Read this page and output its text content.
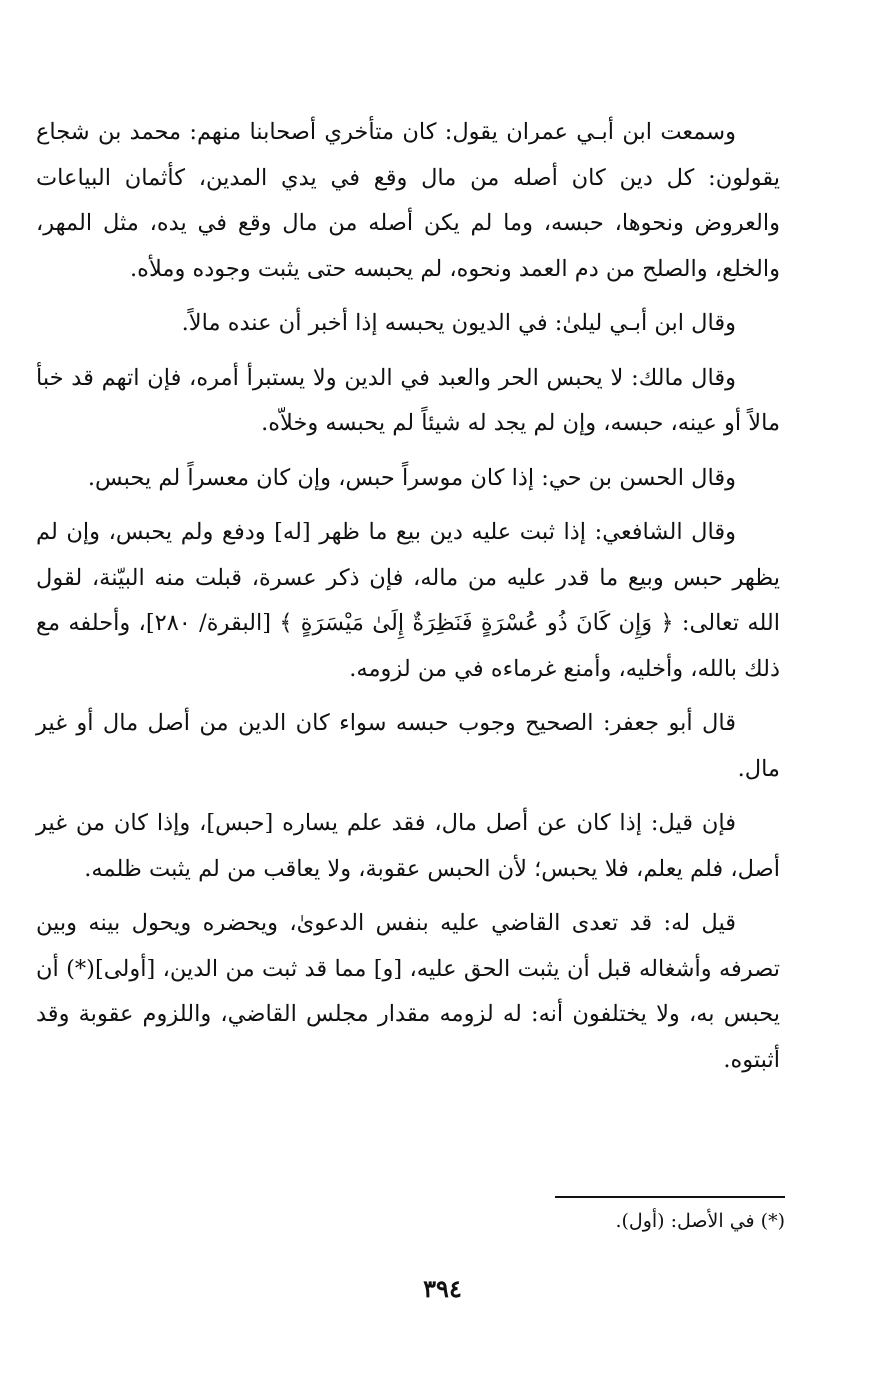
وسمعت ابن أبـي عمران يقول: كان متأخري أصحابنا منهم: محمد بن شجاع يقولون: كل دين كان أصله من مال وقع في يدي المدين، كأثمان البياعات والعروض ونحوها، حبسه، وما لم يكن أصله من مال وقع في يده، مثل المهر، والخلع، والصلح من دم العمد ونحوه، لم يحبسه حتى يثبت وجوده وملأه.

وقال ابن أبـي ليلىٰ: في الديون يحبسه إذا أخبر أن عنده مالاً.

وقال مالك: لا يحبس الحر والعبد في الدين ولا يستبرأ أمره، فإن اتهم قد خبأ مالاً أو عينه، حبسه، وإن لم يجد له شيئاً لم يحبسه وخلاّه.

وقال الحسن بن حي: إذا كان موسراً حبس، وإن كان معسراً لم يحبس.

وقال الشافعي: إذا ثبت عليه دين بيع ما ظهر [له] ودفع ولم يحبس، وإن لم يظهر حبس وبيع ما قدر عليه من ماله، فإن ذكر عسرة، قبلت منه البيّنة، لقول الله تعالى: ﴿ وَإِن كَانَ ذُو عُسْرَةٍ فَنَظِرَةٌ إِلَىٰ مَيْسَرَةٍ ﴾ [البقرة/ ٢٨٠]، وأحلفه مع ذلك بالله، وأخليه، وأمنع غرماءه في من لزومه.

قال أبو جعفر: الصحيح وجوب حبسه سواء كان الدين من أصل مال أو غير مال.

فإن قيل: إذا كان عن أصل مال، فقد علم يساره [حبس]، وإذا كان من غير أصل، فلم يعلم، فلا يحبس؛ لأن الحبس عقوبة، ولا يعاقب من لم يثبت ظلمه.

قيل له: قد تعدى القاضي عليه بنفس الدعوىٰ، ويحضره ويحول بينه وبين تصرفه وأشغاله قبل أن يثبت الحق عليه، [و] مما قد ثبت من الدين، [أولى](*) أن يحبس به، ولا يختلفون أنه: له لزومه مقدار مجلس القاضي، واللزوم عقوبة وقد أثبتوه.

(*) في الأصل: (أول).
٣٩٤
